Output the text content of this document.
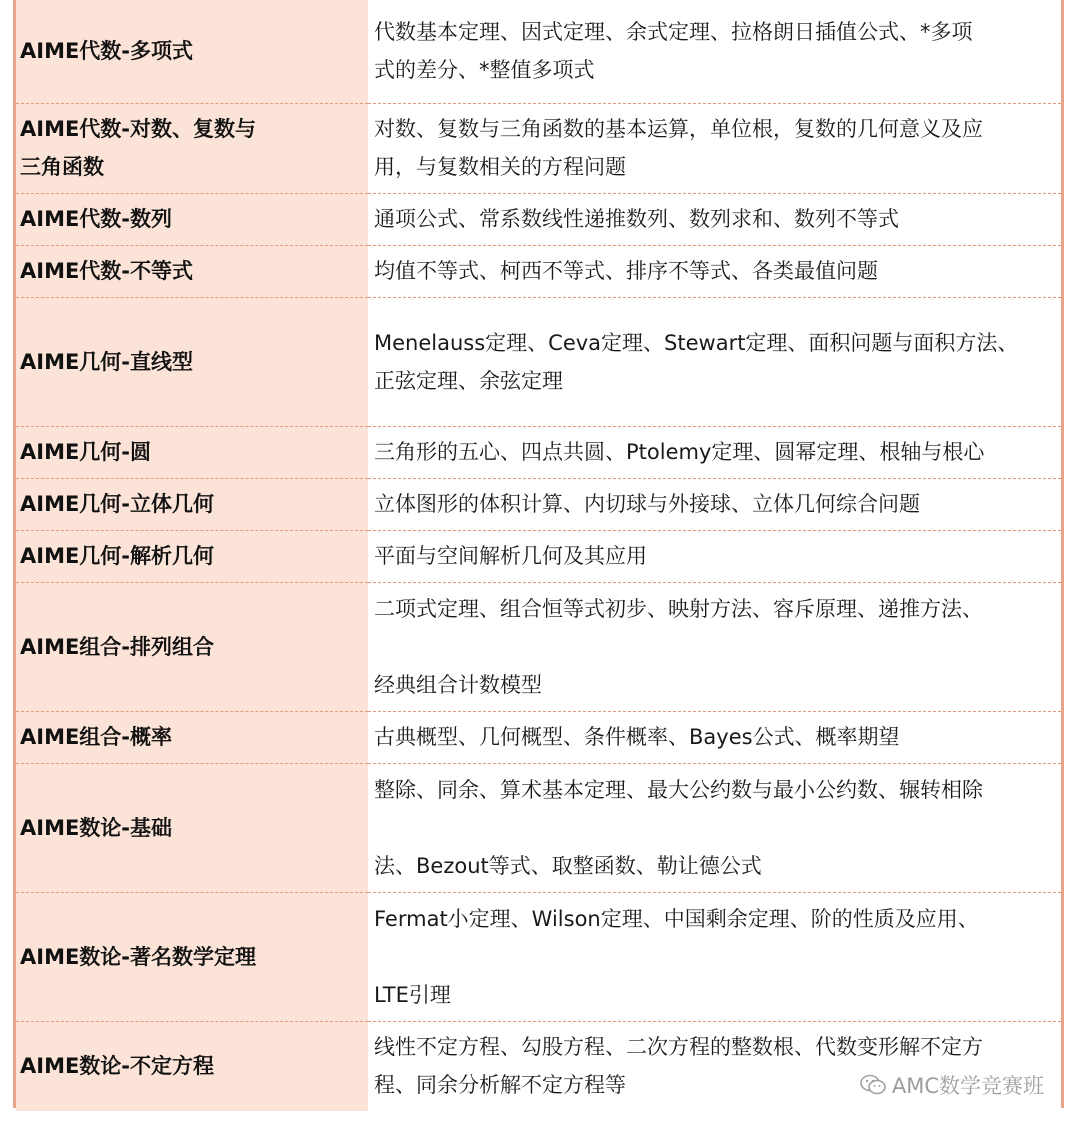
AIME代数-多项式	代数基本定理、因式定理、余式定理、拉格朗日插值公式、*多项
式的差分、*整值多项式

AIME代数-对数、复数与
三角函数	对数、复数与三角函数的基本运算，单位根，复数的几何意义及应
用，与复数相关的方程问题

AIME代数-数列	通项公式、常系数线性递推数列、数列求和、数列不等式

AIME代数-不等式	均值不等式、柯西不等式、排序不等式、各类最值问题

AIME几何-直线型	Menelauss定理、Ceva定理、Stewart定理、面积问题与面积方法、
正弦定理、余弦定理

AIME几何-圆	三角形的五心、四点共圆、Ptolemy定理、圆幂定理、根轴与根心

AIME几何-立体几何	立体图形的体积计算、内切球与外接球、立体几何综合问题

AIME几何-解析几何	平面与空间解析几何及其应用

AIME组合-排列组合	二项式定理、组合恒等式初步、映射方法、容斥原理、递推方法、
经典组合计数模型

AIME组合-概率	古典概型、几何概型、条件概率、Bayes公式、概率期望

AIME数论-基础	整除、同余、算术基本定理、最大公约数与最小公约数、辗转相除
法、Bezout等式、取整函数、勒让德公式

AIME数论-著名数学定理	Fermat小定理、Wilson定理、中国剩余定理、阶的性质及应用、
LTE引理

AIME数论-不定方程	线性不定方程、勾股方程、二次方程的整数根、代数变形解不定方
程、同余分析解不定方程等	AMC数学竞赛班
